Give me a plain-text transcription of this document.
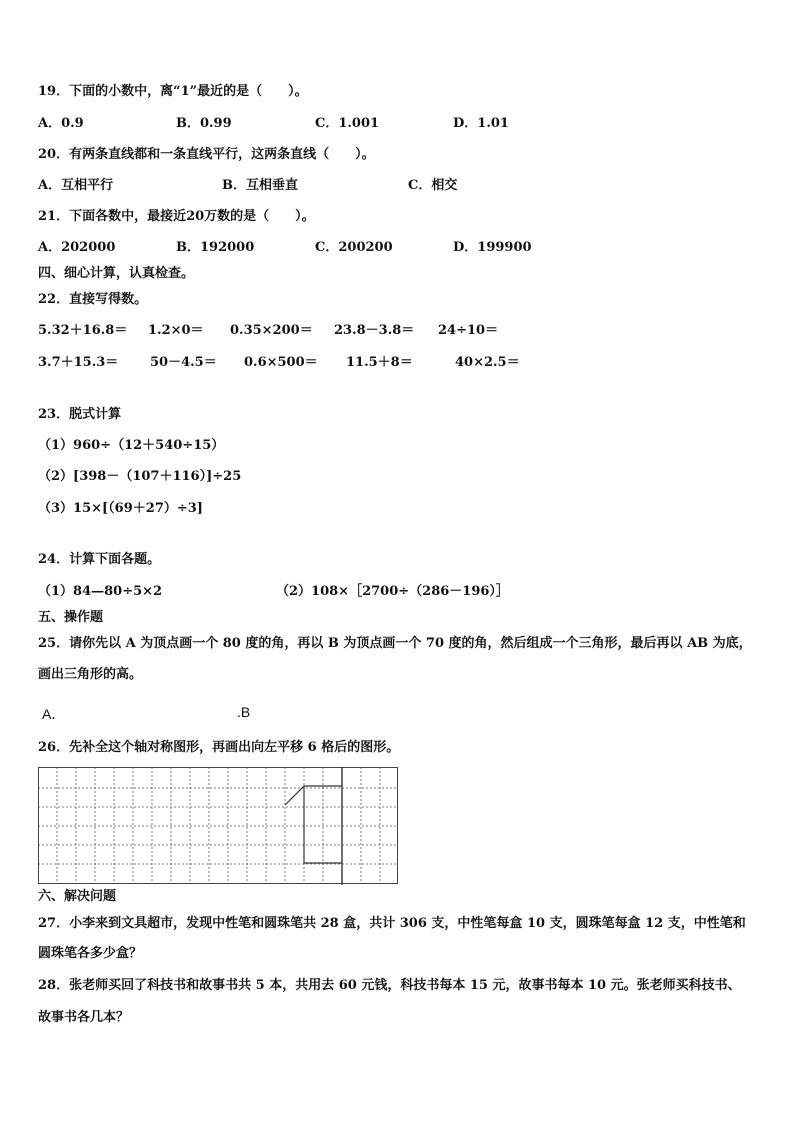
19．下面的小数中，离“1”最近的是（　　）。
A．0.9	B．0.99	C．1.001	D．1.01
20．有两条直线都和一条直线平行，这两条直线（　　）。
A．互相平行	B．互相垂直	C．相交
21．下面各数中，最接近20万数的是（　　）。
A．202000	B．192000	C．200200	D．199900
四、细心计算，认真检查。
22．直接写得数。
5.32＋16.8＝ 1.2×0＝ 0.35×200＝ 23.8－3.8＝ 24÷10＝
3.7＋15.3＝ 50－4.5＝ 0.6×500＝ 11.5＋8＝	40×2.5＝
23．脱式计算
（1）960÷（12＋540÷15）
（2）[398－（107＋116）]÷25
（3）15×[（69＋27）÷3]
24．计算下面各题。
（1）84—80÷5×2	（2）108×［2700÷（286－196）］
五、操作题
25．请你先以 A 为顶点画一个 80 度的角，再以 B 为顶点画一个 70 度的角，然后组成一个三角形，最后再以 AB 为底，
画出三角形的高。
A．	.B
26．先补全这个轴对称图形，再画出向左平移 6 格后的图形。
六、解决问题
27．小李来到文具超市，发现中性笔和圆珠笔共 28 盒，共计 306 支，中性笔每盒 10 支，圆珠笔每盒 12 支，中性笔和
圆珠笔各多少盒？
28．张老师买回了科技书和故事书共 5 本，共用去 60 元钱，科技书每本 15 元，故事书每本 10 元。张老师买科技书、
故事书各几本？
